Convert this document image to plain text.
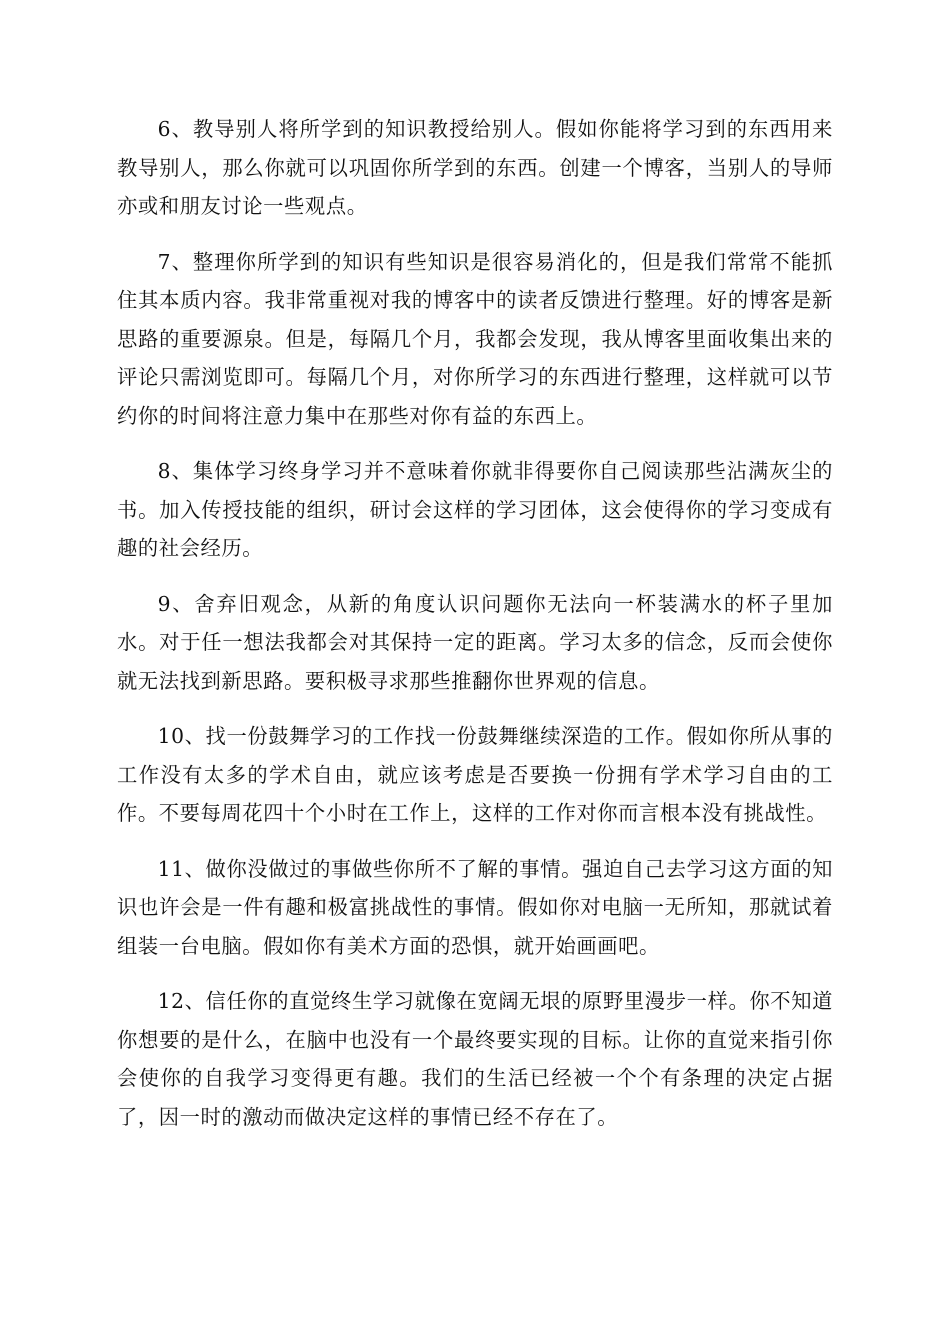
6、教导别人将所学到的知识教授给别人。假如你能将学习到的东西用来教导别人，那么你就可以巩固你所学到的东西。创建一个博客，当别人的导师亦或和朋友讨论一些观点。

7、整理你所学到的知识有些知识是很容易消化的，但是我们常常不能抓住其本质内容。我非常重视对我的博客中的读者反馈进行整理。好的博客是新思路的重要源泉。但是，每隔几个月，我都会发现，我从博客里面收集出来的评论只需浏览即可。每隔几个月，对你所学习的东西进行整理，这样就可以节约你的时间将注意力集中在那些对你有益的东西上。

8、集体学习终身学习并不意味着你就非得要你自己阅读那些沾满灰尘的书。加入传授技能的组织，研讨会这样的学习团体，这会使得你的学习变成有趣的社会经历。

9、舍弃旧观念，从新的角度认识问题你无法向一杯装满水的杯子里加水。对于任一想法我都会对其保持一定的距离。学习太多的信念，反而会使你就无法找到新思路。要积极寻求那些推翻你世界观的信息。

10、找一份鼓舞学习的工作找一份鼓舞继续深造的工作。假如你所从事的工作没有太多的学术自由，就应该考虑是否要换一份拥有学术学习自由的工作。不要每周花四十个小时在工作上，这样的工作对你而言根本没有挑战性。

11、做你没做过的事做些你所不了解的事情。强迫自己去学习这方面的知识也许会是一件有趣和极富挑战性的事情。假如你对电脑一无所知，那就试着组装一台电脑。假如你有美术方面的恐惧，就开始画画吧。

12、信任你的直觉终生学习就像在宽阔无垠的原野里漫步一样。你不知道你想要的是什么，在脑中也没有一个最终要实现的目标。让你的直觉来指引你会使你的自我学习变得更有趣。我们的生活已经被一个个有条理的决定占据了，因一时的激动而做决定这样的事情已经不存在了。
